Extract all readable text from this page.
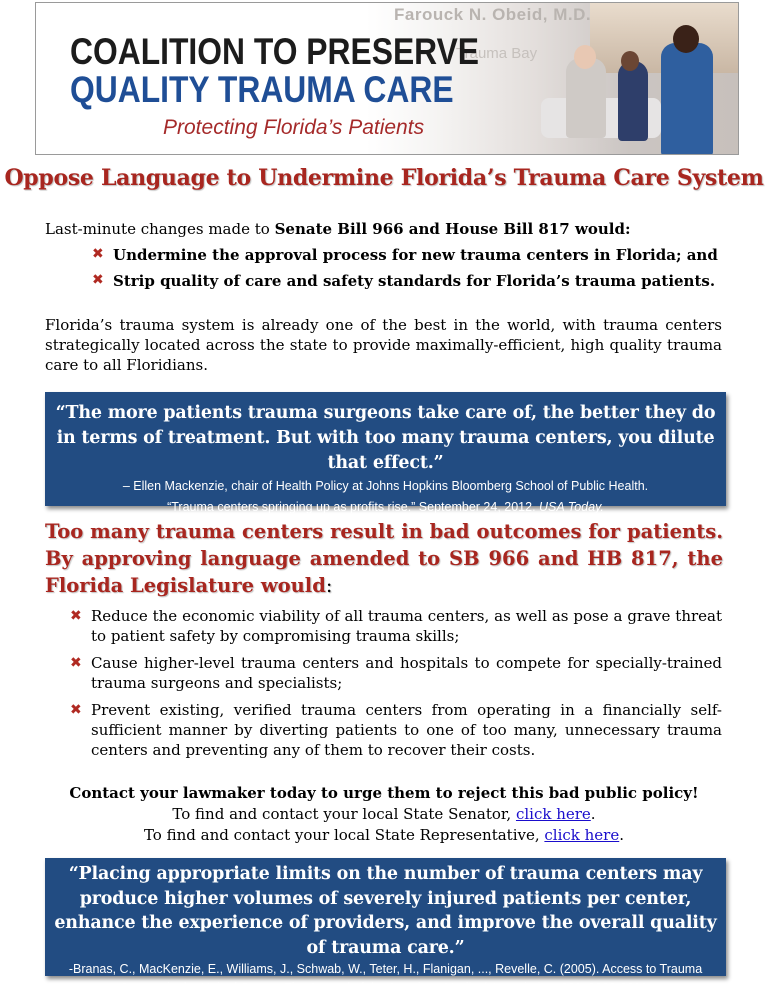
Farouck N. Obeid, M.D.
Trauma Bay
COALITION TO PRESERVE
QUALITY TRAUMA CARE
Protecting Florida’s Patients
Oppose Language to Undermine Florida’s Trauma Care System
Last-minute changes made to Senate Bill 966 and House Bill 817 would:
✖ Undermine the approval process for new trauma centers in Florida; and
✖ Strip quality of care and safety standards for Florida’s trauma patients.
Florida’s trauma system is already one of the best in the world, with trauma centers strategically located across the state to provide maximally-efficient, high quality trauma care to all Floridians.
“The more patients trauma surgeons take care of, the better they do in terms of treatment. But with too many trauma centers, you dilute that effect.”
– Ellen Mackenzie, chair of Health Policy at Johns Hopkins Bloomberg School of Public Health.
“Trauma centers springing up as profits rise.” September 24, 2012. USA Today.
Too many trauma centers result in bad outcomes for patients. By approving language amended to SB 966 and HB 817, the Florida Legislature would:
✖ Reduce the economic viability of all trauma centers, as well as pose a grave threat to patient safety by compromising trauma skills;
✖ Cause higher-level trauma centers and hospitals to compete for specially-trained trauma surgeons and specialists;
✖ Prevent existing, verified trauma centers from operating in a financially self-sufficient manner by diverting patients to one of too many, unnecessary trauma centers and preventing any of them to recover their costs.
Contact your lawmaker today to urge them to reject this bad public policy!
To find and contact your local State Senator, click here.
To find and contact your local State Representative, click here.
“Placing appropriate limits on the number of trauma centers may produce higher volumes of severely injured patients per center, enhance the experience of providers, and improve the overall quality of trauma care.”
-Branas, C., MacKenzie, E., Williams, J., Schwab, W., Teter, H., Flanigan, ..., Revelle, C. (2005). Access to Trauma Centers in the United States. The Journal of the American Medical Association, 239, 2626-2633.
